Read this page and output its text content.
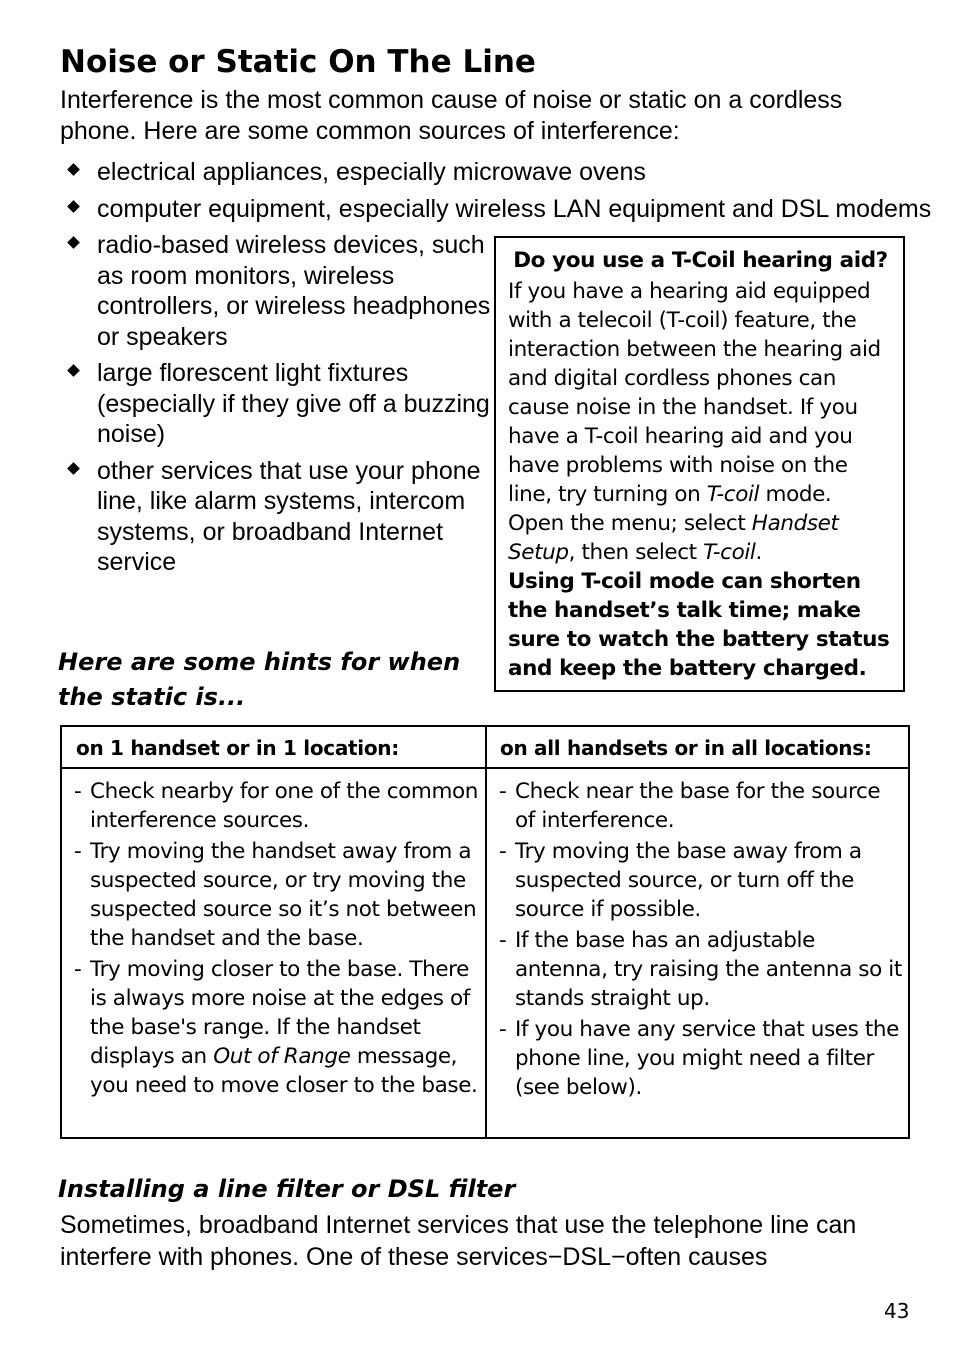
Noise or Static On The Line
Interference is the most common cause of noise or static on a cordless phone. Here are some common sources of interference:
electrical appliances, especially microwave ovens
computer equipment, especially wireless LAN equipment and DSL modems
radio-based wireless devices, such as room monitors, wireless controllers, or wireless headphones or speakers
large florescent light fixtures (especially if they give off a buzzing noise)
other services that use your phone line, like alarm systems, intercom systems, or broadband Internet service
Do you use a T-Coil hearing aid?
If you have a hearing aid equipped with a telecoil (T-coil) feature, the interaction between the hearing aid and digital cordless phones can cause noise in the handset. If you have a T-coil hearing aid and you have problems with noise on the line, try turning on T-coil mode. Open the menu; select Handset Setup, then select T-coil.
Using T-coil mode can shorten the handset’s talk time; make sure to watch the battery status and keep the battery charged.
Here are some hints for when the static is...
on 1 handset or in 1 location:	on all handsets or in all locations:
- Check nearby for one of the common interference sources.
- Try moving the handset away from a suspected source, or try moving the suspected source so it’s not between the handset and the base.
- Try moving closer to the base. There is always more noise at the edges of the base's range. If the handset displays an Out of Range message, you need to move closer to the base.
- Check near the base for the source of interference.
- Try moving the base away from a suspected source, or turn off the source if possible.
- If the base has an adjustable antenna, try raising the antenna so it stands straight up.
- If you have any service that uses the phone line, you might need a filter (see below).
Installing a line filter or DSL filter
Sometimes, broadband Internet services that use the telephone line can interfere with phones. One of these services−DSL−often causes
43
